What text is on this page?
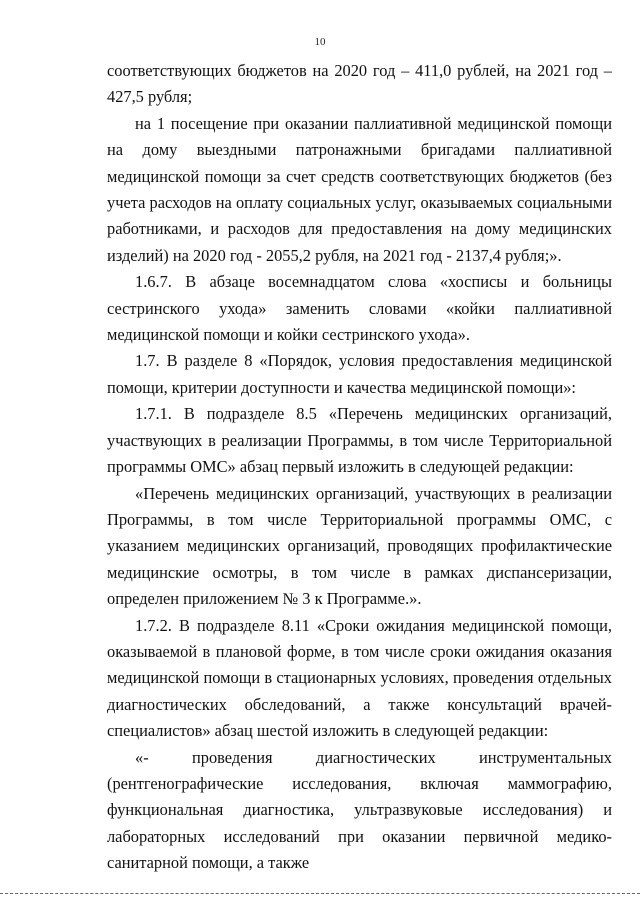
10

соответствующих бюджетов на 2020 год – 411,0 рублей, на 2021 год – 427,5 рубля;

на 1 посещение при оказании паллиативной медицинской помощи на дому выездными патронажными бригадами паллиативной медицинской помощи за счет средств соответствующих бюджетов (без учета расходов на оплату социальных услуг, оказываемых социальными работниками, и расходов для предоставления на дому медицинских изделий) на 2020 год - 2055,2 рубля, на 2021 год - 2137,4 рубля;».

1.6.7. В абзаце восемнадцатом слова «хосписы и больницы сестринского ухода» заменить словами «койки паллиативной медицинской помощи и койки сестринского ухода».

1.7. В разделе 8 «Порядок, условия предоставления медицинской помощи, критерии доступности и качества медицинской помощи»:

1.7.1. В подразделе 8.5 «Перечень медицинских организаций, участвующих в реализации Программы, в том числе Территориальной программы ОМС» абзац первый изложить в следующей редакции:

«Перечень медицинских организаций, участвующих в реализации Программы, в том числе Территориальной программы ОМС, с указанием медицинских организаций, проводящих профилактические медицинские осмотры, в том числе в рамках диспансеризации, определен приложением № 3 к Программе.».

1.7.2. В подразделе 8.11 «Сроки ожидания медицинской помощи, оказываемой в плановой форме, в том числе сроки ожидания оказания медицинской помощи в стационарных условиях, проведения отдельных диагностических обследований, а также консультаций врачей-специалистов» абзац шестой изложить в следующей редакции:

«- проведения диагностических инструментальных (рентгенографические исследования, включая маммографию, функциональная диагностика, ультразвуковые исследования) и лабораторных исследований при оказании первичной медико-санитарной помощи, а также
